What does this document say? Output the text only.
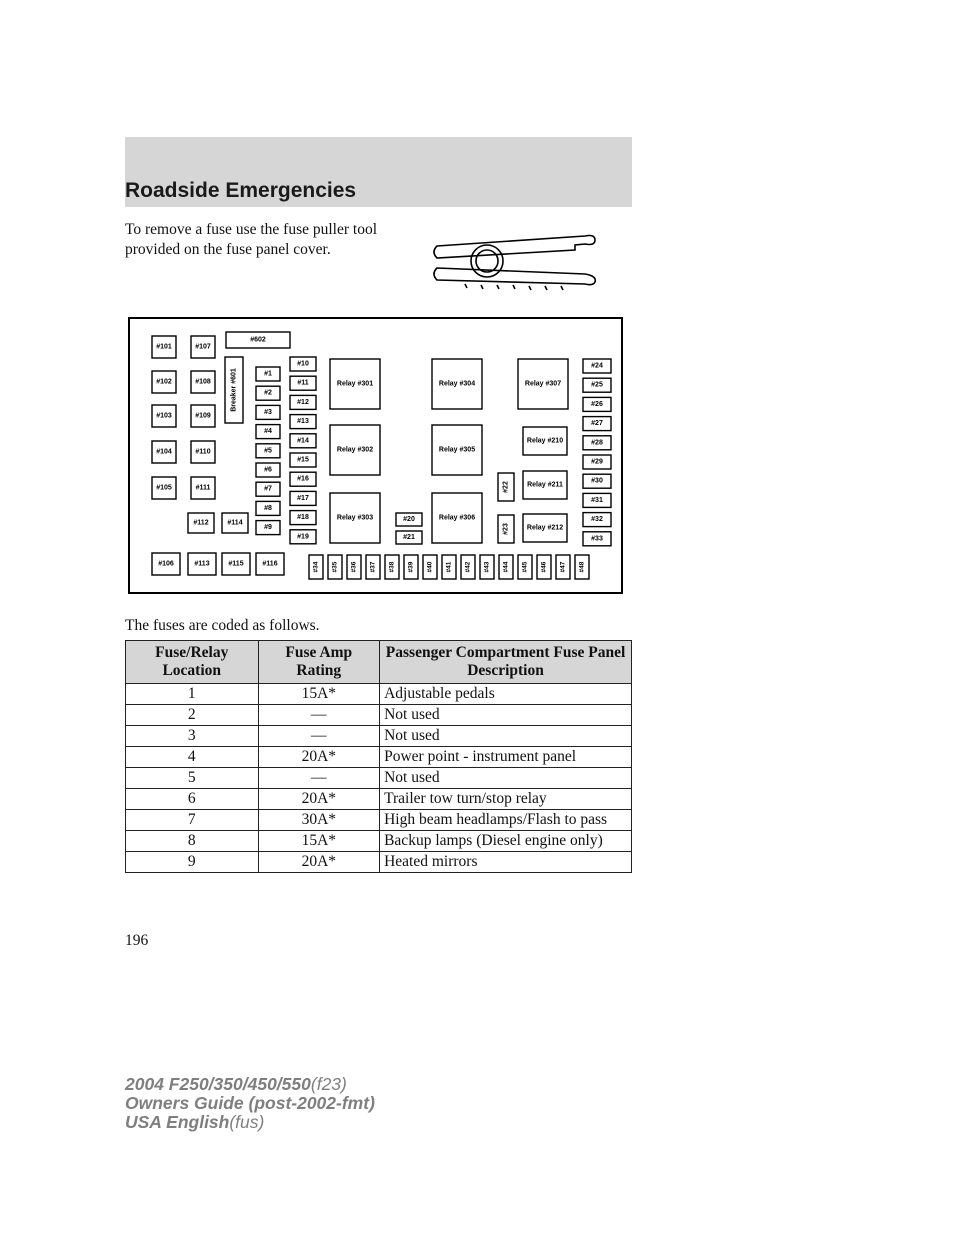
Roadside Emergencies

To remove a fuse use the fuse puller tool provided on the fuse panel cover.

#101	#107
#602
#102	#108
#103	#109
#104	#110
#105	#111
#112	#114
#106	#113	#115	#116
Breaker #601	#1
#2
#3
#4
#5
#6
#7
#8
#9
#10
#11
#12
#13
#14
#15
#16
#17
#18
#19
#20
#21
Relay #301
Relay #302
Relay #303
Relay #304
Relay #305
Relay #306
Relay #307
Relay #210
Relay #211
Relay #212
#22
#23
#24
#25
#26
#27
#28
#29
#30
#31
#32
#33
#34 #35 #36 #37 #38 #39 #40 #41 #42 #43 #44 #45 #46 #47 #48
The fuses are coded as follows.
Fuse/Relay Location	Fuse Amp Rating	Passenger Compartment Fuse Panel Description
1	15A*	Adjustable pedals
2	—	Not used
3	—	Not used
4	20A*	Power point - instrument panel
5	—	Not used
6	20A*	Trailer tow turn/stop relay
7	30A*	High beam headlamps/Flash to pass
8	15A*	Backup lamps (Diesel engine only)
9	20A*	Heated mirrors
196
2004 F250/350/450/550(f23)
Owners Guide (post-2002-fmt)
USA English(fus)
